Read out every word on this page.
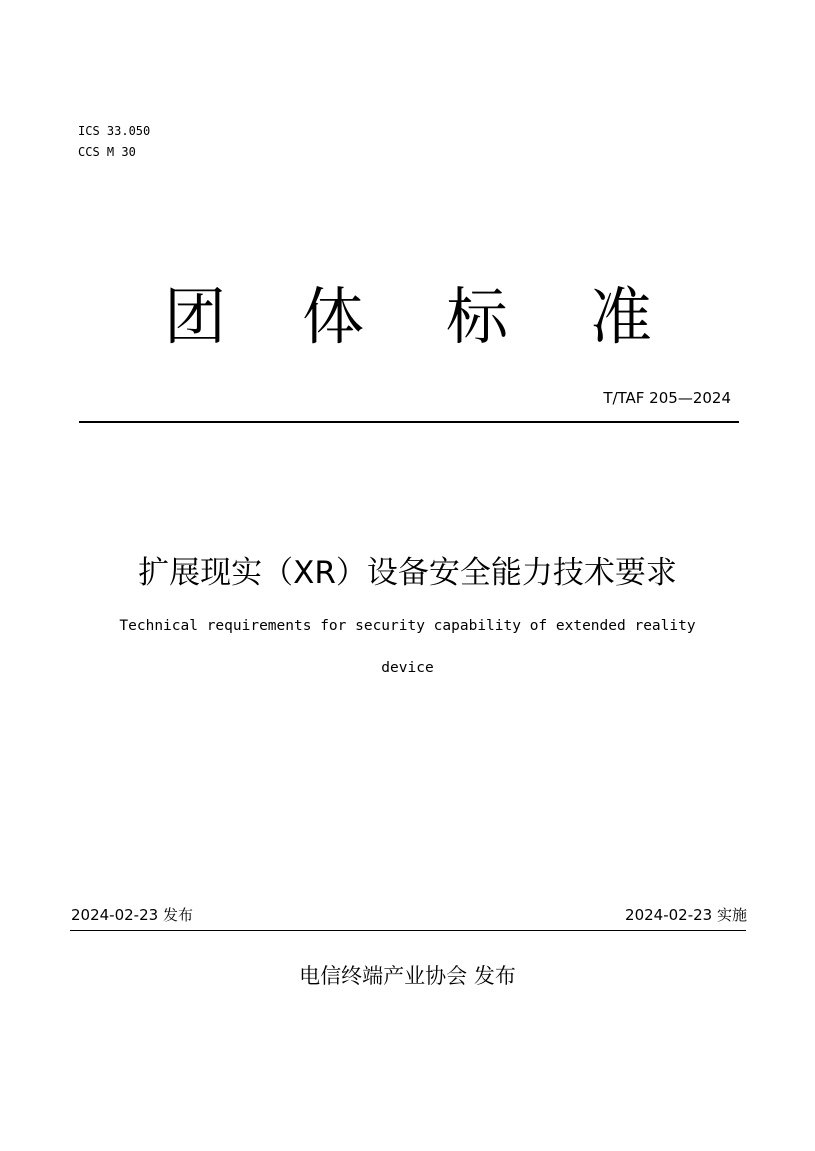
ICS 33.050
CCS M 30
团 体 标 准
T/TAF 205—2024
扩展现实（XR）设备安全能力技术要求
Technical requirements for security capability of extended reality
device
2024-02-23 发布	2024-02-23 实施
电信终端产业协会 发布
